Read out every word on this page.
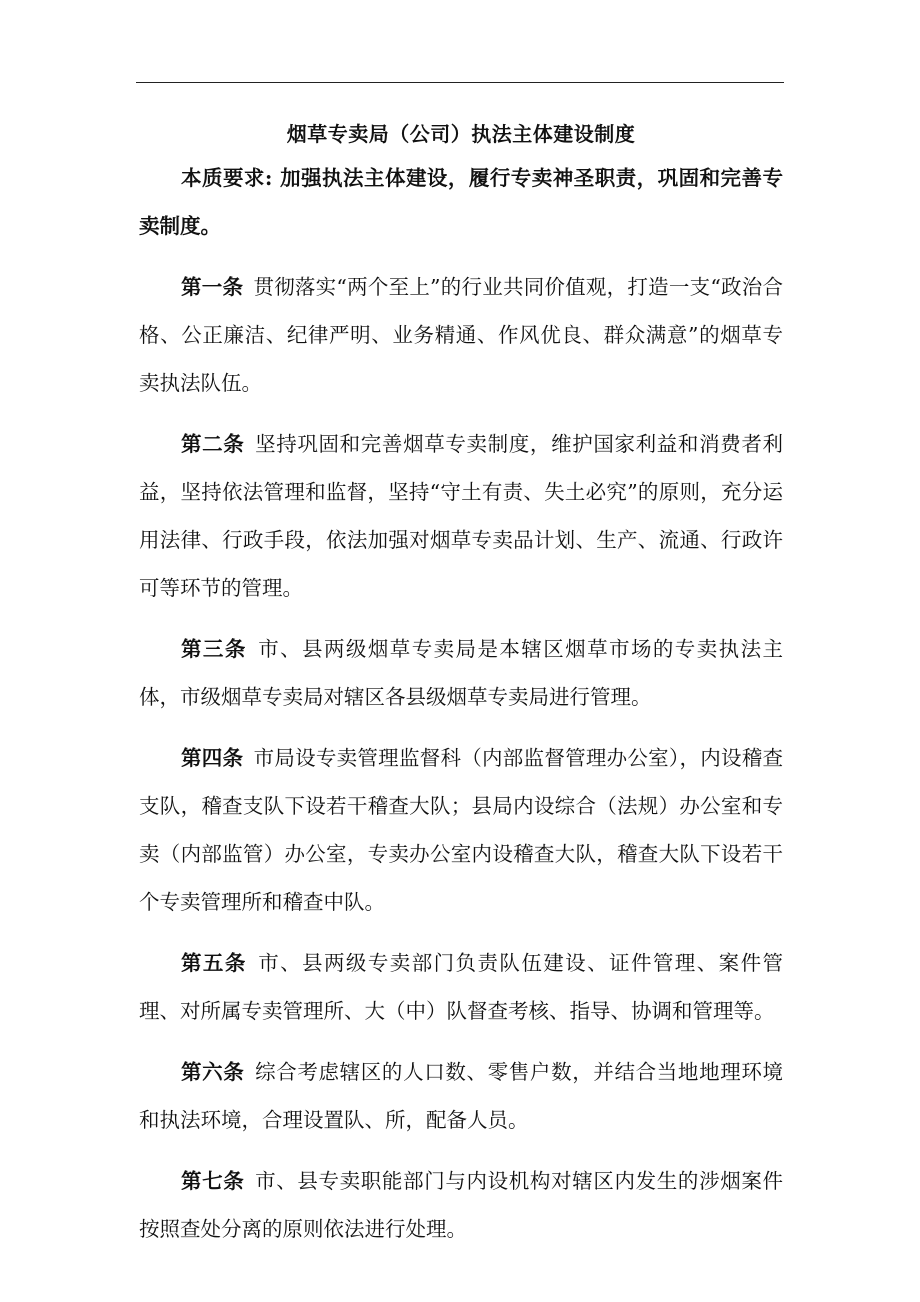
烟草专卖局（公司）执法主体建设制度

本质要求: 加强执法主体建设，履行专卖神圣职责，巩固和完善专卖制度。

第一条 贯彻落实“两个至上”的行业共同价值观，打造一支“政治合格、公正廉洁、纪律严明、业务精通、作风优良、群众满意”的烟草专卖执法队伍。

第二条 坚持巩固和完善烟草专卖制度，维护国家利益和消费者利益，坚持依法管理和监督，坚持“守土有责、失土必究”的原则，充分运用法律、行政手段，依法加强对烟草专卖品计划、生产、流通、行政许可等环节的管理。

第三条 市、县两级烟草专卖局是本辖区烟草市场的专卖执法主体，市级烟草专卖局对辖区各县级烟草专卖局进行管理。

第四条 市局设专卖管理监督科（内部监督管理办公室），内设稽查支队，稽查支队下设若干稽查大队；县局内设综合（法规）办公室和专卖（内部监管）办公室，专卖办公室内设稽查大队，稽查大队下设若干个专卖管理所和稽查中队。

第五条 市、县两级专卖部门负责队伍建设、证件管理、案件管理、对所属专卖管理所、大（中）队督查考核、指导、协调和管理等。

第六条 综合考虑辖区的人口数、零售户数，并结合当地地理环境和执法环境，合理设置队、所，配备人员。

第七条 市、县专卖职能部门与内设机构对辖区内发生的涉烟案件按照查处分离的原则依法进行处理。
